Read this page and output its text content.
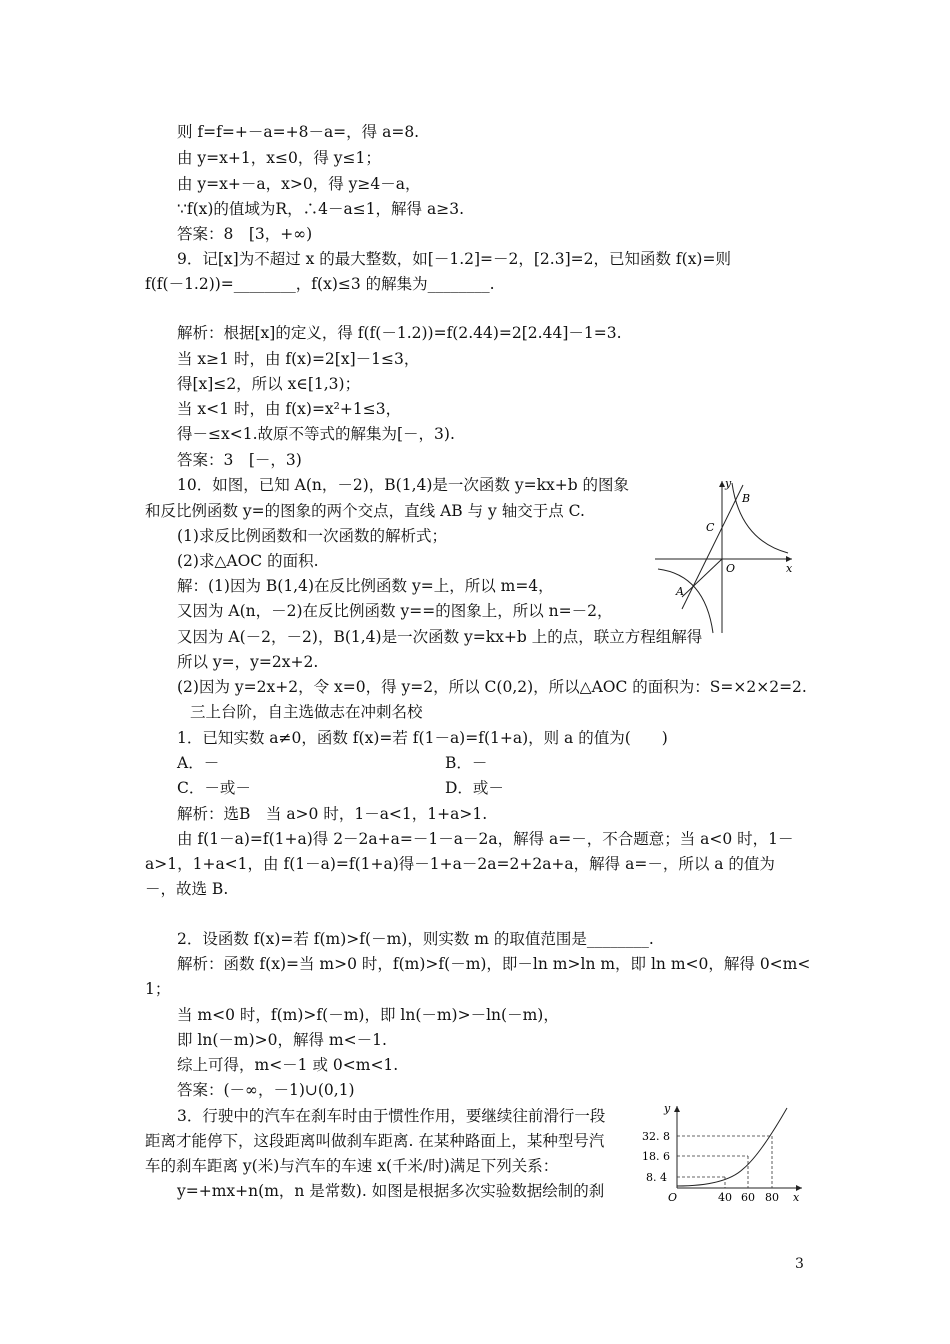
则 f=f=+－a=+8－a=，得 a=8.
由 y=x+1，x≤0，得 y≤1；
由 y=x+－a，x>0，得 y≥4－a，
∵f(x)的值域为R，∴4－a≤1，解得 a≥3.
答案：8　[3，+∞)
9．记[x]为不超过 x 的最大整数，如[－1.2]=－2，[2.3]=2，已知函数 f(x)=则
f(f(－1.2))=________，f(x)≤3 的解集为________.
解析：根据[x]的定义，得 f(f(－1.2))=f(2.44)=2[2.44]－1=3.
当 x≥1 时，由 f(x)=2[x]－1≤3，
得[x]≤2，所以 x∈[1,3)；
当 x<1 时，由 f(x)=x²+1≤3，
得－≤x<1.故原不等式的解集为[－，3).
答案：3　[－，3)
10．如图，已知 A(n，－2)，B(1,4)是一次函数 y=kx+b 的图象
和反比例函数 y=的图象的两个交点，直线 AB 与 y 轴交于点 C.
(1)求反比例函数和一次函数的解析式；
(2)求△AOC 的面积.
解：(1)因为 B(1,4)在反比例函数 y=上，所以 m=4，
又因为 A(n，－2)在反比例函数 y==的图象上，所以 n=－2，
又因为 A(－2，－2)，B(1,4)是一次函数 y=kx+b 上的点，联立方程组解得
所以 y=，y=2x+2.
(2)因为 y=2x+2，令 x=0，得 y=2，所以 C(0,2)，所以△AOC 的面积为：S=×2×2=2.
三上台阶，自主选做志在冲刺名校
1．已知实数 a≠0，函数 f(x)=若 f(1－a)=f(1+a)，则 a 的值为(　　)
A．－	B．－
C．－或－	D．或－
解析：选B　当 a>0 时，1－a<1，1+a>1.
由 f(1－a)=f(1+a)得 2－2a+a=－1－a－2a，解得 a=－，不合题意；当 a<0 时，1－
a>1，1+a<1，由 f(1－a)=f(1+a)得－1+a－2a=2+2a+a，解得 a=－，所以 a 的值为
－，故选 B.
2．设函数 f(x)=若 f(m)>f(－m)，则实数 m 的取值范围是________.
解析：函数 f(x)=当 m>0 时，f(m)>f(－m)，即－ln m>ln m，即 ln m<0，解得 0<m<
1；
当 m<0 时，f(m)>f(－m)，即 ln(－m)>－ln(－m)，
即 ln(－m)>0，解得 m<－1.
综上可得，m<－1 或 0<m<1.
答案：(－∞，－1)∪(0,1)
3．行驶中的汽车在刹车时由于惯性作用，要继续往前滑行一段
距离才能停下，这段距离叫做刹车距离. 在某种路面上，某种型号汽
车的刹车距离 y(米)与汽车的车速 x(千米/时)满足下列关系：
y=+mx+n(m，n 是常数). 如图是根据多次实验数据绘制的刹
y
x
O
B
C
A
y
x
O
32. 8
18. 6
8. 4
40 60 80
3
